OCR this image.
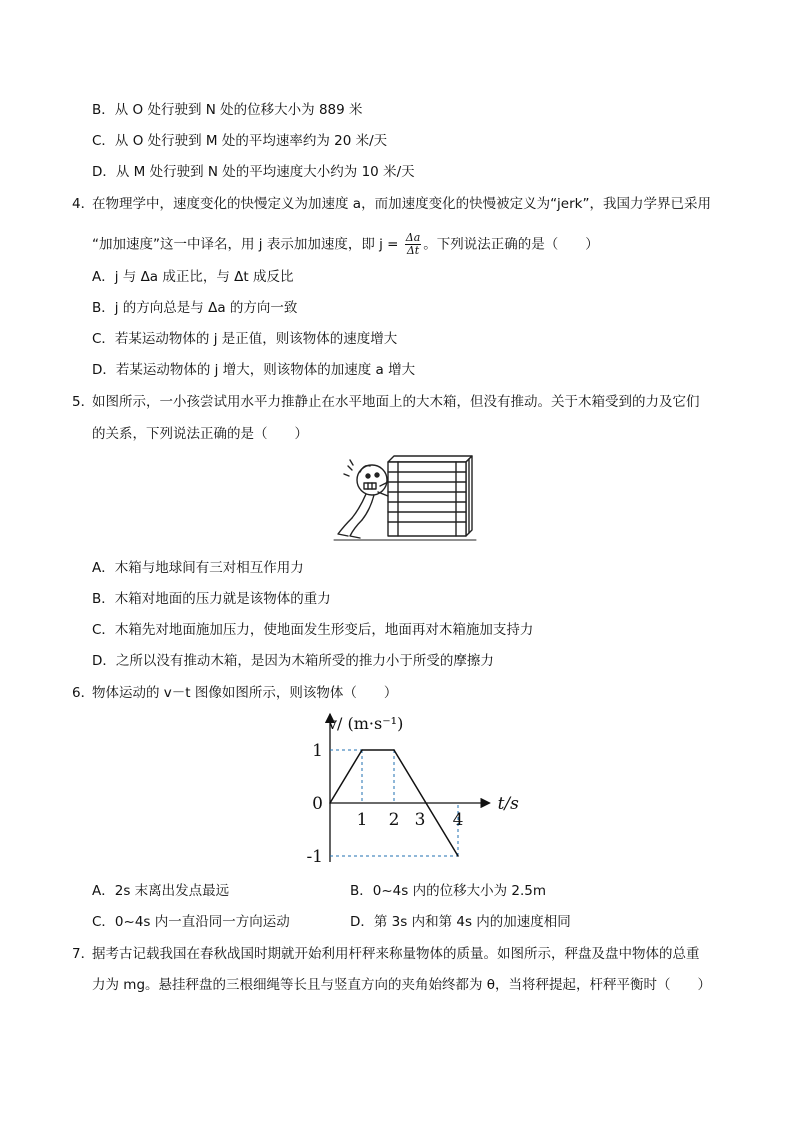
B．从 O 处行驶到 N 处的位移大小为 889 米
C．从 O 处行驶到 M 处的平均速率约为 20 米/天
D．从 M 处行驶到 N 处的平均速度大小约为 10 米/天
4．
在物理学中，速度变化的快慢定义为加速度 a，而加速度变化的快慢被定义为“jerk”，我国力学界已采用
“加加速度”这一中译名，用 j 表示加加速度，即 $j = \frac{\Delta a}{\Delta t}$ 。下列说法正确的是（　　）
A．j 与 Δa 成正比，与 Δt 成反比
B．j 的方向总是与 Δa 的方向一致
C．若某运动物体的 j 是正值，则该物体的速度增大
D．若某运动物体的 j 增大，则该物体的加速度 a 增大
5．
如图所示，一小孩尝试用水平力推静止在水平地面上的大木箱，但没有推动。关于木箱受到的力及它们
的关系，下列说法正确的是（　　）
A．木箱与地球间有三对相互作用力
B．木箱对地面的压力就是该物体的重力
C．木箱先对地面施加压力，使地面发生形变后，地面再对木箱施加支持力
D．之所以没有推动木箱，是因为木箱所受的推力小于所受的摩擦力
6．
物体运动的 v－t 图像如图所示，则该物体（　　）
1 2 3 4
1
0
-1
v/ (m·s⁻¹)
t/s
A．2s 末离出发点最远	B．0~4s 内的位移大小为 2.5m
C．0~4s 内一直沿同一方向运动	D．第 3s 内和第 4s 内的加速度相同
7．
据考古记载我国在春秋战国时期就开始利用杆秤来称量物体的质量。如图所示，秤盘及盘中物体的总重
力为 mg。悬挂秤盘的三根细绳等长且与竖直方向的夹角始终都为 θ，当将秤提起，杆秤平衡时（　　）
